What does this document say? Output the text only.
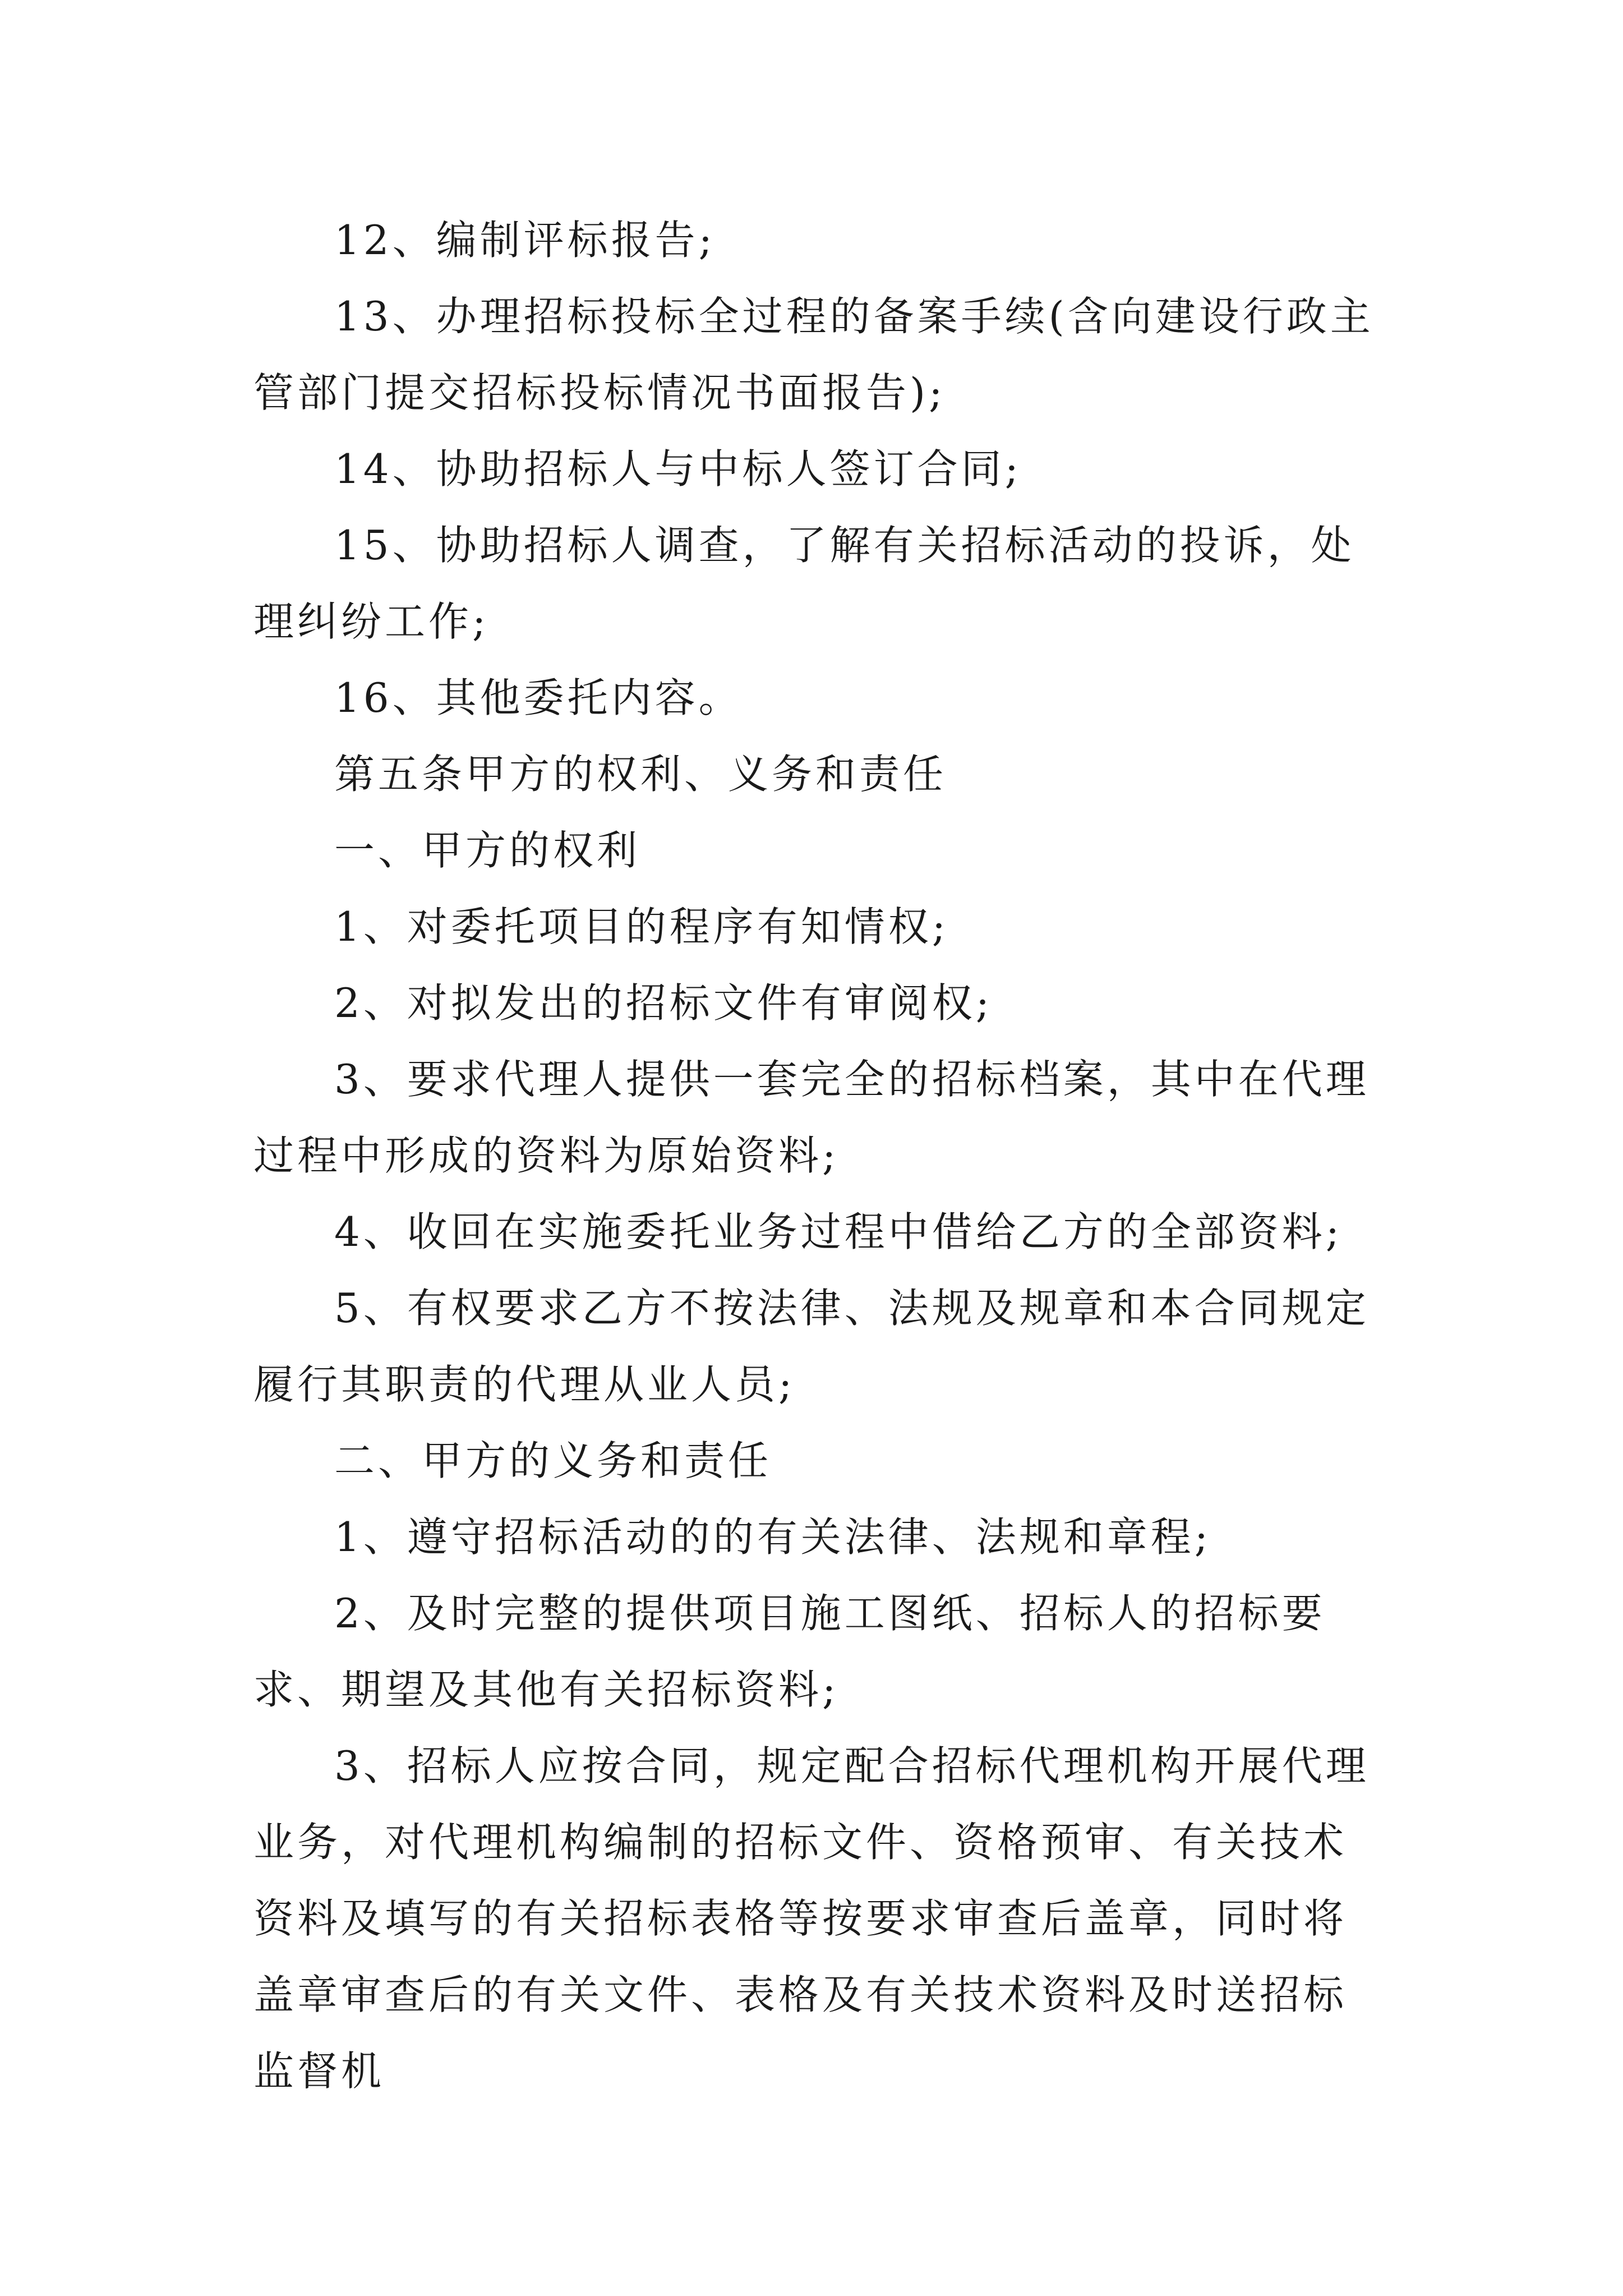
12、编制评标报告;

13、办理招标投标全过程的备案手续(含向建设行政主管部门提交招标投标情况书面报告);

14、协助招标人与中标人签订合同;

15、协助招标人调查，了解有关招标活动的投诉，处理纠纷工作;

16、其他委托内容。

第五条甲方的权利、义务和责任

一、甲方的权利

1、对委托项目的程序有知情权;

2、对拟发出的招标文件有审阅权;

3、要求代理人提供一套完全的招标档案，其中在代理过程中形成的资料为原始资料;

4、收回在实施委托业务过程中借给乙方的全部资料;

5、有权要求乙方不按法律、法规及规章和本合同规定履行其职责的代理从业人员;

二、甲方的义务和责任

1、遵守招标活动的的有关法律、法规和章程;

2、及时完整的提供项目施工图纸、招标人的招标要求、期望及其他有关招标资料;

3、招标人应按合同，规定配合招标代理机构开展代理业务，对代理机构编制的招标文件、资格预审、有关技术资料及填写的有关招标表格等按要求审查后盖章，同时将盖章审查后的有关文件、表格及有关技术资料及时送招标监督机
